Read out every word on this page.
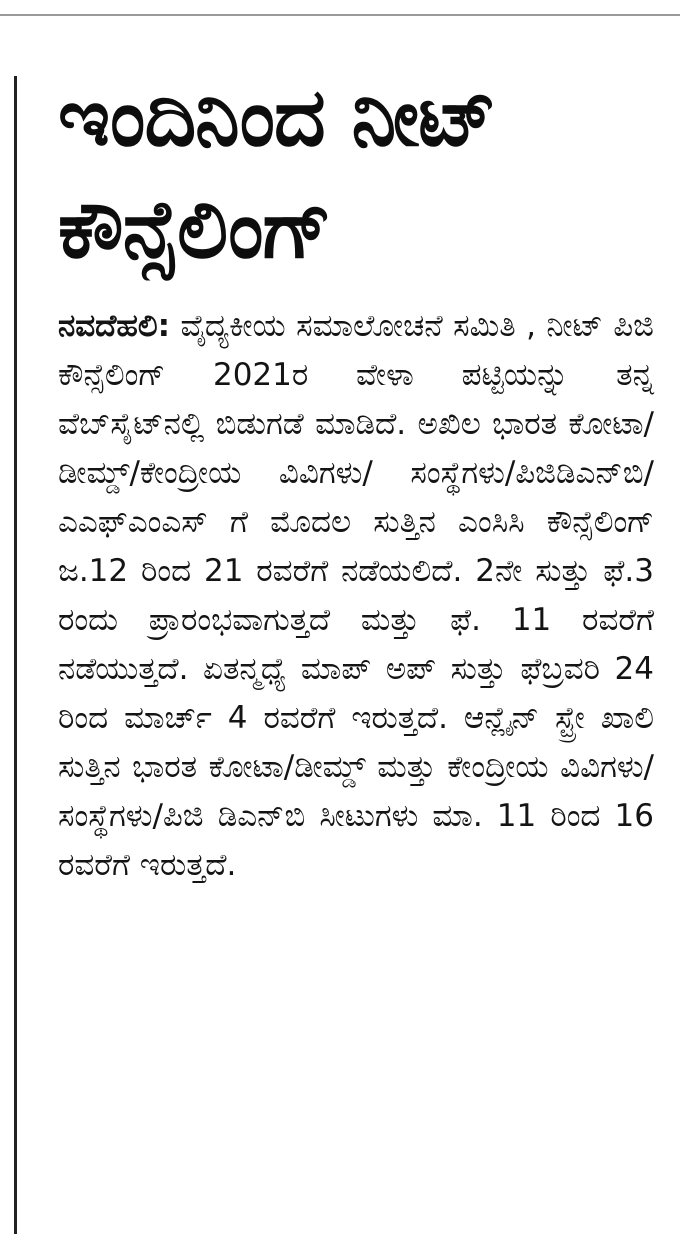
ಇಂದಿನಿಂದ ನೀಟ್
ಕೌನ್ಸೆಲಿಂಗ್

ನವದೆಹಲಿ: ವೈದ್ಯಕೀಯ ಸಮಾಲೋಚನೆ ಸಮಿತಿ , ನೀಟ್ ಪಿಜಿ ಕೌನ್ಸೆಲಿಂಗ್ 2021ರ ವೇಳಾ ಪಟ್ಟಿಯನ್ನು ತನ್ನ ವೆಬ್‌ಸೈಟ್‌ನಲ್ಲಿ ಬಿಡುಗಡೆ ಮಾಡಿದೆ. ಅಖಿಲ ಭಾರತ ಕೋಟಾ/ಡೀಮ್ಡ್/ಕೇಂದ್ರೀಯ ವಿವಿಗಳು/ ಸಂಸ್ಥೆಗಳು/ಪಿಜಿಡಿಎನ್‌ಬಿ/ ಎಎಫ್‌ಎಂಎಸ್ ಗೆ ಮೊದಲ ಸುತ್ತಿನ ಎಂಸಿಸಿ ಕೌನ್ಸೆಲಿಂಗ್ ಜ.12 ರಿಂದ 21 ರವರೆಗೆ ನಡೆಯಲಿದೆ. 2ನೇ ಸುತ್ತು ಫೆ.3 ರಂದು ಪ್ರಾರಂಭವಾಗುತ್ತದೆ ಮತ್ತು ಫೆ. 11 ರವರೆಗೆ ನಡೆಯುತ್ತದೆ. ಏತನ್ಮಧ್ಯೆ ಮಾಪ್ ಅಪ್ ಸುತ್ತು ಫೆಬ್ರವರಿ 24 ರಿಂದ ಮಾರ್ಚ್ 4 ರವರೆಗೆ ಇರುತ್ತದೆ. ಆನ್ಲೈನ್ ಸ್ಟ್ರೇ ಖಾಲಿ ಸುತ್ತಿನ ಭಾರತ ಕೋಟಾ/ಡೀಮ್ಡ್ ಮತ್ತು ಕೇಂದ್ರೀಯ ವಿವಿಗಳು/ಸಂಸ್ಥೆಗಳು/ಪಿಜಿ ಡಿಎನ್‌ಬಿ ಸೀಟುಗಳು ಮಾ. 11 ರಿಂದ 16 ರವರೆಗೆ ಇರುತ್ತದೆ.
